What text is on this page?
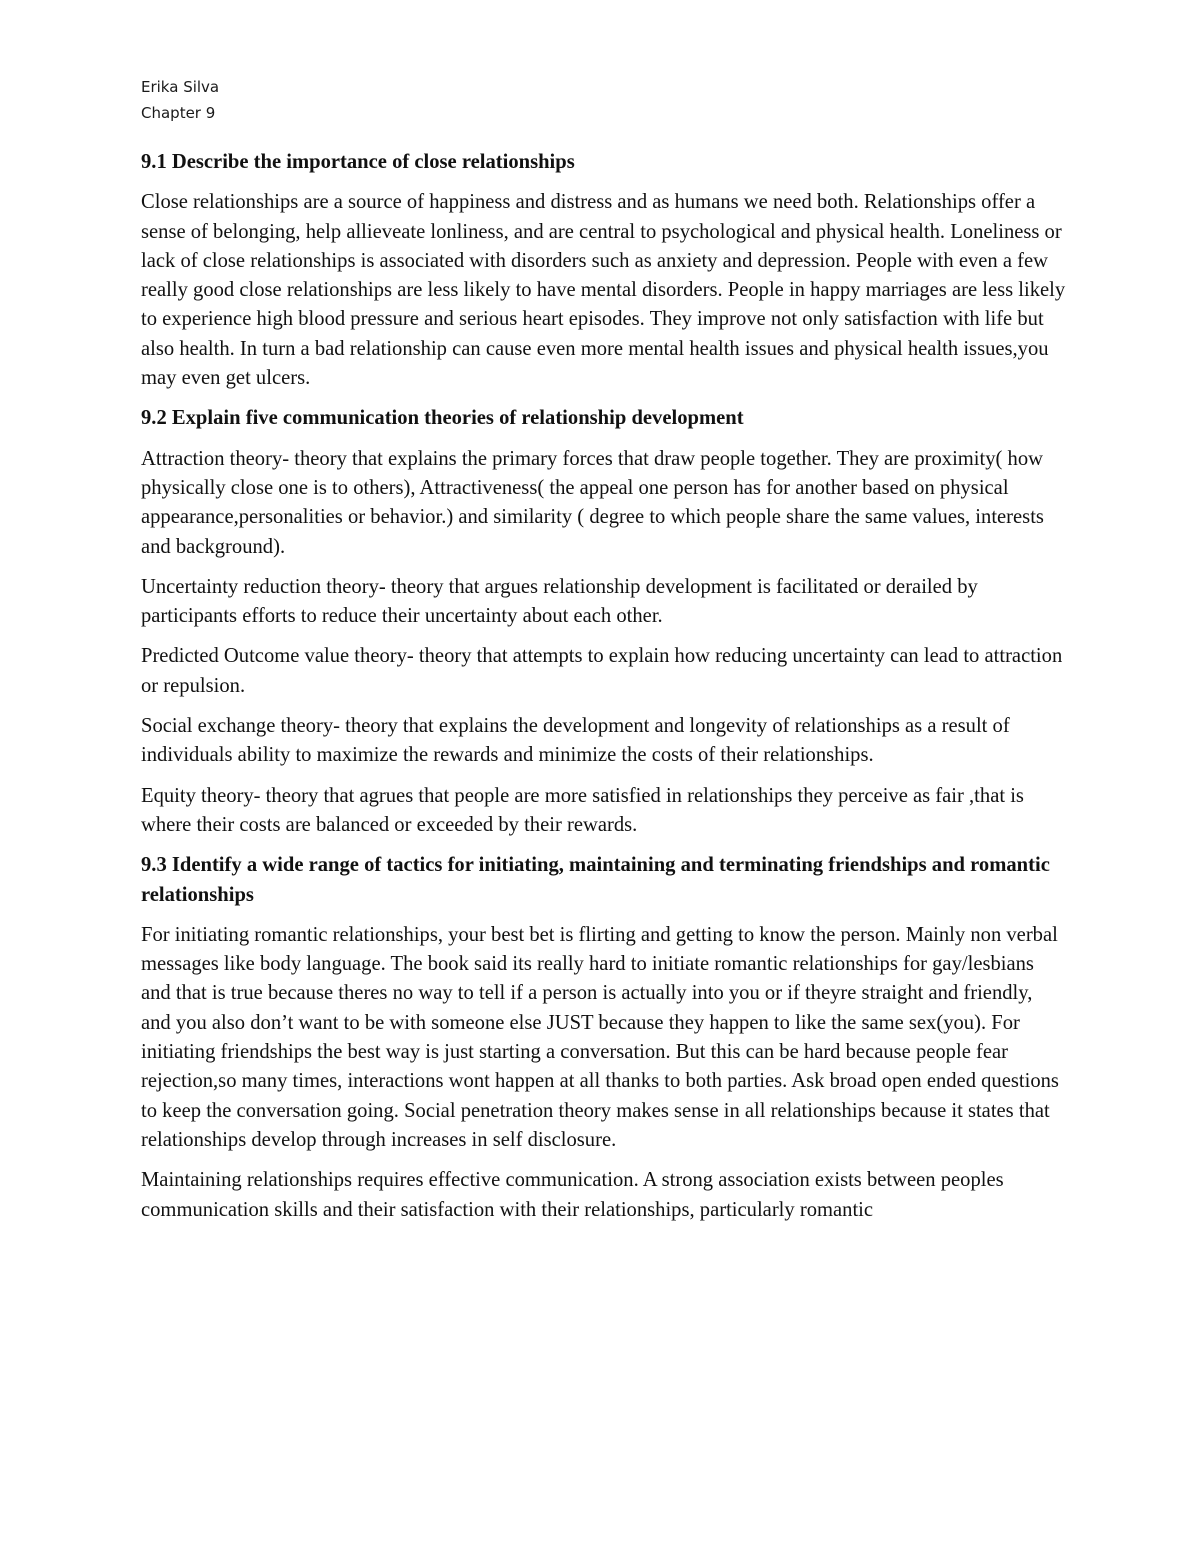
Erika Silva
Chapter 9
9.1 Describe the importance of close relationships
Close relationships are a source of happiness and distress and as humans we need both. Relationships offer a sense of belonging, help allieveate lonliness, and are central to psychological and physical health. Loneliness or lack of close relationships is associated with disorders such as anxiety and depression. People with even a few really good close relationships are less likely to have mental disorders. People in happy marriages are less likely to experience high blood pressure and serious heart episodes. They improve not only satisfaction with life but also health. In turn a bad relationship can cause even more mental health issues and physical health issues,you may even get ulcers.
9.2 Explain five communication theories of relationship development
Attraction theory- theory that explains the primary forces that draw people together. They are proximity( how physically close one is to others), Attractiveness( the appeal one person has for another based on physical appearance,personalities or behavior.) and similarity ( degree to which people share the same values, interests and background).
Uncertainty reduction theory- theory that argues relationship development is facilitated or derailed by participants efforts to reduce their uncertainty about each other.
Predicted Outcome value theory- theory that attempts to explain how reducing uncertainty can lead to attraction or repulsion.
Social exchange theory- theory that explains the development and longevity of relationships as a result of individuals ability to maximize the rewards and minimize the costs of their relationships.
Equity theory- theory that agrues that people are more satisfied in relationships they perceive as fair ,that is where their costs are balanced or exceeded by their rewards.
9.3 Identify a wide range of tactics for initiating, maintaining and terminating friendships and romantic relationships
For initiating romantic relationships, your best bet is flirting and getting to know the person. Mainly non verbal messages like body language. The book said its really hard to initiate romantic relationships for gay/lesbians and that is true because theres no way to tell if a person is actually into you or if theyre straight and friendly, and you also don’t want to be with someone else JUST because they happen to like the same sex(you). For initiating friendships the best way is just starting a conversation. But this can be hard because people fear rejection,so many times, interactions wont happen at all thanks to both parties. Ask broad open ended questions to keep the conversation going. Social penetration theory makes sense in all relationships because it states that relationships develop through increases in self disclosure.
Maintaining relationships requires effective communication. A strong association exists between peoples communication skills and their satisfaction with their relationships, particularly romantic
